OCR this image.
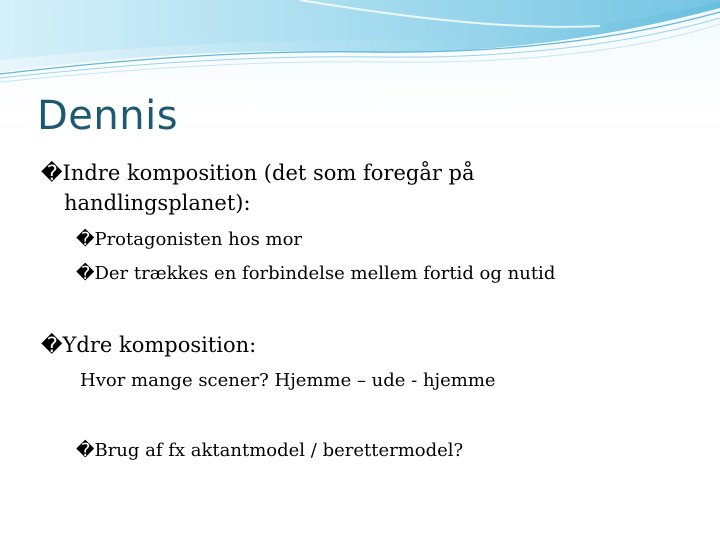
Dennis
�Indre komposition (det som foregår på
handlingsplanet):
�Protagonisten hos mor
�Der trækkes en forbindelse mellem fortid og nutid
�Ydre komposition:
Hvor mange scener? Hjemme – ude - hjemme
�Brug af fx aktantmodel / berettermodel?
